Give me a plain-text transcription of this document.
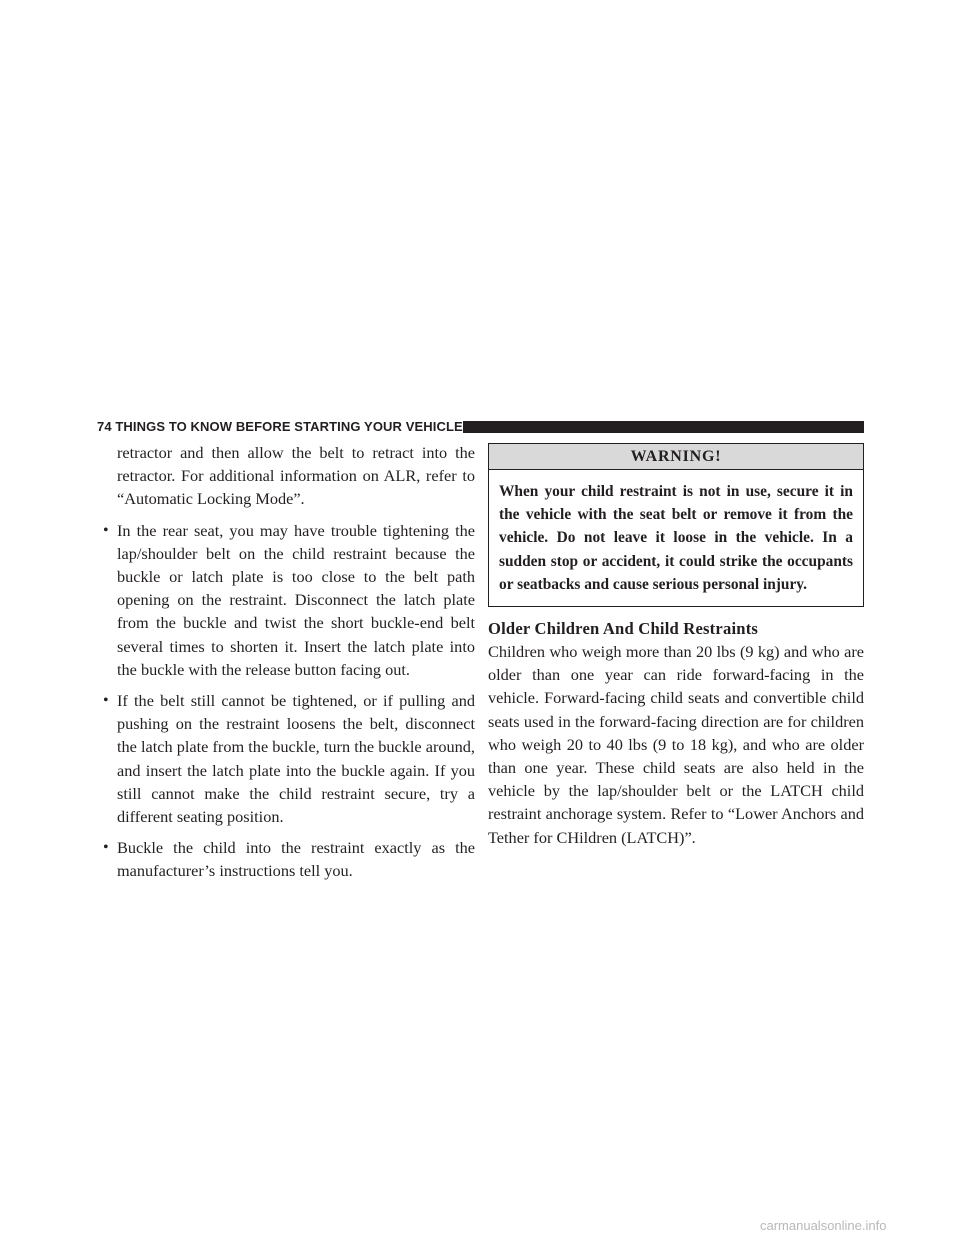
74 THINGS TO KNOW BEFORE STARTING YOUR VEHICLE

retractor and then allow the belt to retract into the retractor. For additional information on ALR, refer to “Automatic Locking Mode”.

• In the rear seat, you may have trouble tightening the lap/shoulder belt on the child restraint because the buckle or latch plate is too close to the belt path opening on the restraint. Disconnect the latch plate from the buckle and twist the short buckle-end belt several times to shorten it. Insert the latch plate into the buckle with the release button facing out.
• If the belt still cannot be tightened, or if pulling and pushing on the restraint loosens the belt, disconnect the latch plate from the buckle, turn the buckle around, and insert the latch plate into the buckle again. If you still cannot make the child restraint secure, try a different seating position.
• Buckle the child into the restraint exactly as the manufacturer’s instructions tell you.
WARNING!
When your child restraint is not in use, secure it in the vehicle with the seat belt or remove it from the vehicle. Do not leave it loose in the vehicle. In a sudden stop or accident, it could strike the occupants or seatbacks and cause serious personal injury.
Older Children And Child Restraints

Children who weigh more than 20 lbs (9 kg) and who are older than one year can ride forward-facing in the vehicle. Forward-facing child seats and convertible child seats used in the forward-facing direction are for children who weigh 20 to 40 lbs (9 to 18 kg), and who are older than one year. These child seats are also held in the vehicle by the lap/shoulder belt or the LATCH child restraint anchorage system. Refer to “Lower Anchors and Tether for CHildren (LATCH)”.

carmanualsonline.info
